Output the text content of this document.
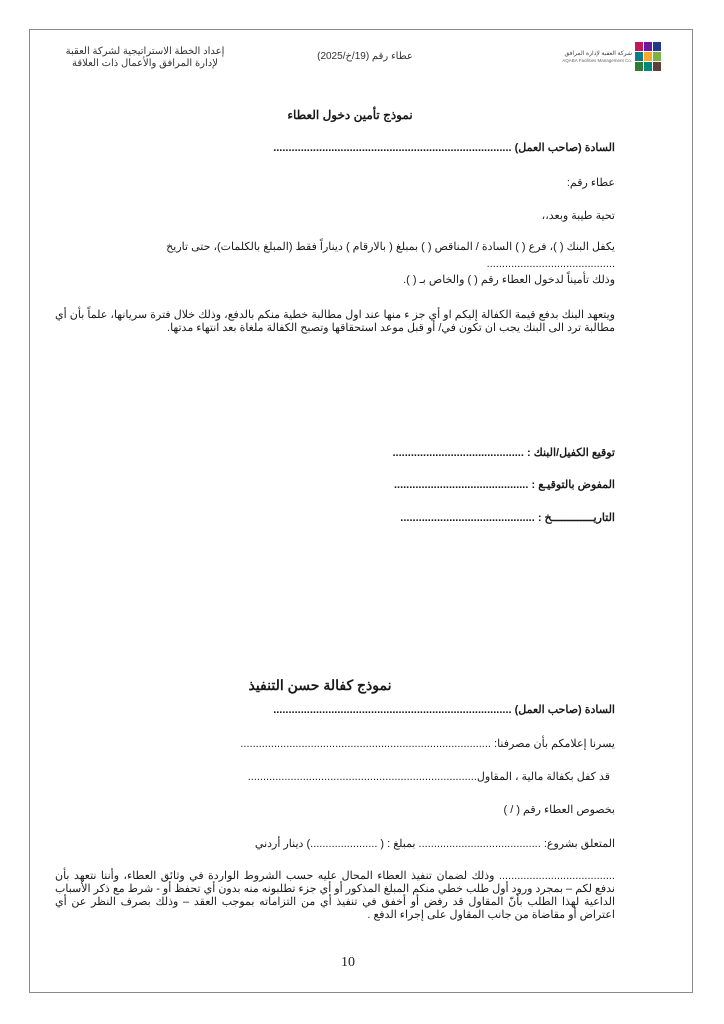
إعداد الخطة الاستراتيجية لشركة العقبة
لإدارة المرافق والأعمال ذات العلاقة
عطاء رقم (19/خ/2025)	شركة العقبة لإدارة المرافق
AQABA Facilities Management Co.
نموذج تأمين دخول العطاء
السادة (صاحب العمل) ..............................................................................
عطاء رقم:
تحية طيبة وبعد،،
يكفل البنك ( )، فرع ( ) السادة / المناقص ( ) بمبلغ ( بالارقام ) ديناراً فقط (المبلغ بالكلمات)، حتى تاريخ
..........................................
وذلك تأميناً لدخول العطاء رقم ( ) والخاص بـ ( ).
ويتعهد البنك بدفع قيمة الكفالة إليكم او أي جز ء منها عند اول مطالبة خطية منكم بالدفع، وذلك خلال فترة سريانها، علماً بأن أي مطالبة ترد الى البنك يجب ان تكون في/ أو قبل موعد استحقاقها وتصبح الكفالة ملغاة بعد انتهاء مدتها.
توقيع الكفيل/البنك : ...........................................
المفوض بالتوقيـع : ............................................
التاريـــــــــــــخ : ............................................
نموذج كفالة حسن التنفيذ
السادة (صاحب العمل) ..............................................................................
يسرنا إعلامكم بأن مصرفنا: ..................................................................................
قد كفل بكفالة مالية ، المقاول...........................................................................
بخصوص العطاء رقم ( / )
المتعلق بشروع: ........................................ بمبلغ : ( ......................) دينار أردني
...................................... وذلك لضمان تنفيذ العطاء المحال عليه حسب الشروط الواردة في وثائق العطاء، وأننا نتعهد بأن ندفع لكم – بمجرد ورود أول طلب خطي منكم المبلغ المذكور أو أي جزء تطلبونه منه بدون أي تحفظ أو - شرط مع ذكر الأسباب الداعية لهذا الطلب بأنّ المقاول قد رفض أو أخفق في تنفيذ أي من التزاماته بموجب العقد – وذلك بصرف النظر عن أي اعتراض أو مقاضاة من جانب المقاول على إجراء الدفع .
10
